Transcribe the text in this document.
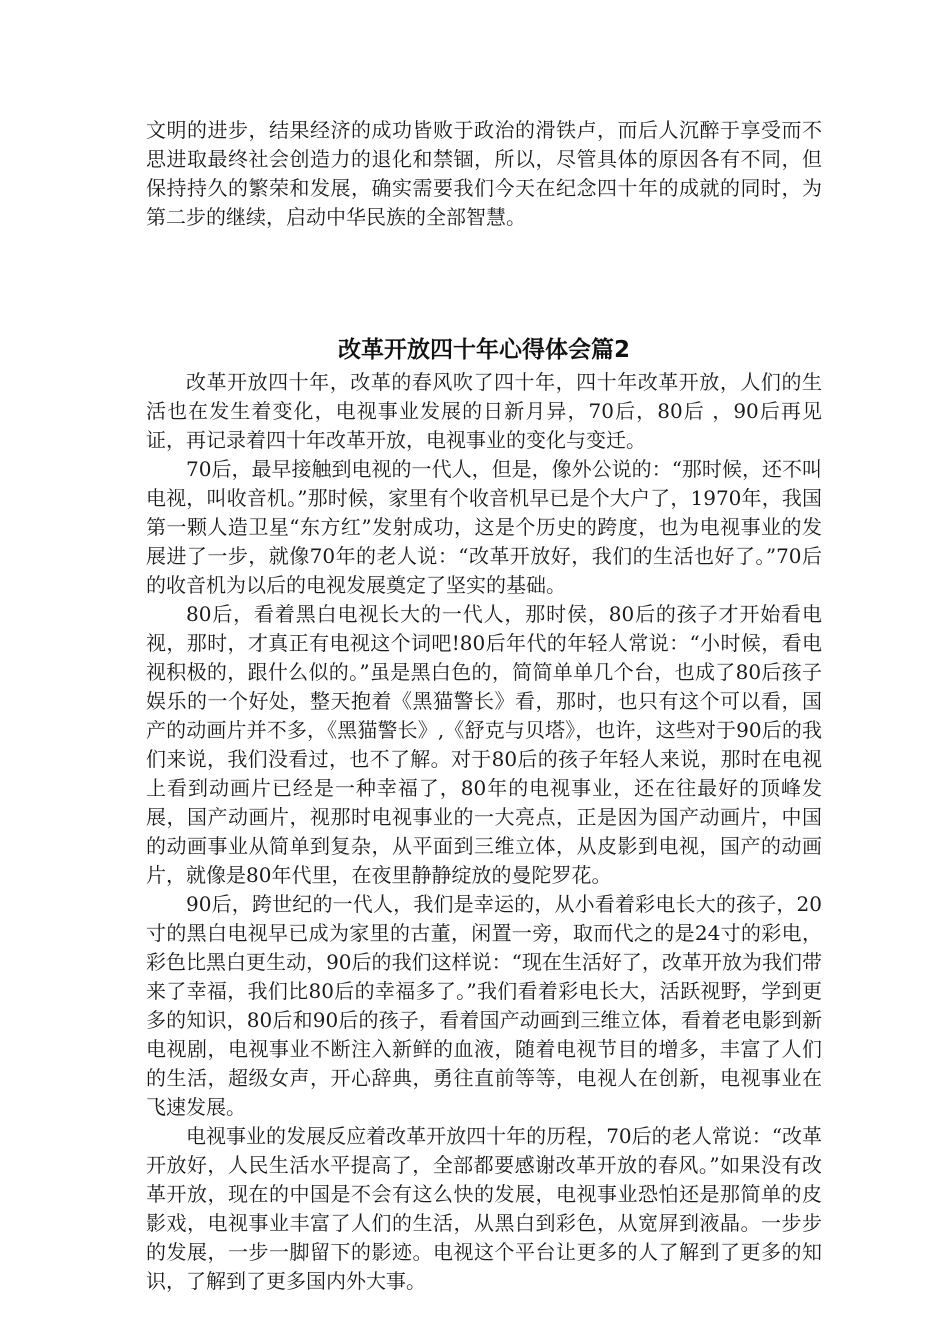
文明的进步，结果经济的成功皆败于政治的滑铁卢，而后人沉醉于享受而不思进取最终社会创造力的退化和禁锢，所以，尽管具体的原因各有不同，但保持持久的繁荣和发展，确实需要我们今天在纪念四十年的成就的同时，为第二步的继续，启动中华民族的全部智慧。

改革开放四十年心得体会篇2

改革开放四十年，改革的春风吹了四十年，四十年改革开放，人们的生活也在发生着变化，电视事业发展的日新月异，70后，80后 ，90后再见证，再记录着四十年改革开放，电视事业的变化与变迁。

70后，最早接触到电视的一代人，但是，像外公说的：“那时候，还不叫电视，叫收音机。”那时候，家里有个收音机早已是个大户了，1970年，我国第一颗人造卫星“东方红”发射成功，这是个历史的跨度，也为电视事业的发展进了一步，就像70年的老人说：“改革开放好，我们的生活也好了。”70后的收音机为以后的电视发展奠定了坚实的基础。

80后，看着黑白电视长大的一代人，那时侯，80后的孩子才开始看电视，那时，才真正有电视这个词吧!80后年代的年轻人常说：“小时候，看电视积极的，跟什么似的。”虽是黑白色的，简简单单几个台，也成了80后孩子娱乐的一个好处，整天抱着《黑猫警长》看，那时，也只有这个可以看，国产的动画片并不多，《黑猫警长》,《舒克与贝塔》，也许，这些对于90后的我们来说，我们没看过，也不了解。对于80后的孩子年轻人来说，那时在电视上看到动画片已经是一种幸福了，80年的电视事业，还在往最好的顶峰发展，国产动画片，视那时电视事业的一大亮点，正是因为国产动画片，中国的动画事业从简单到复杂，从平面到三维立体，从皮影到电视，国产的动画片，就像是80年代里，在夜里静静绽放的曼陀罗花。

90后，跨世纪的一代人，我们是幸运的，从小看着彩电长大的孩子，20寸的黑白电视早已成为家里的古董，闲置一旁，取而代之的是24寸的彩电，彩色比黑白更生动，90后的我们这样说：“现在生活好了，改革开放为我们带来了幸福，我们比80后的幸福多了。”我们看着彩电长大，活跃视野，学到更多的知识，80后和90后的孩子，看着国产动画到三维立体，看着老电影到新电视剧，电视事业不断注入新鲜的血液，随着电视节目的增多，丰富了人们的生活，超级女声，开心辞典，勇往直前等等，电视人在创新，电视事业在飞速发展。

电视事业的发展反应着改革开放四十年的历程，70后的老人常说：“改革开放好，人民生活水平提高了，全部都要感谢改革开放的春风。”如果没有改革开放，现在的中国是不会有这么快的发展，电视事业恐怕还是那简单的皮影戏，电视事业丰富了人们的生活，从黑白到彩色，从宽屏到液晶。一步步的发展，一步一脚留下的影迹。电视这个平台让更多的人了解到了更多的知识，了解到了更多国内外大事。
